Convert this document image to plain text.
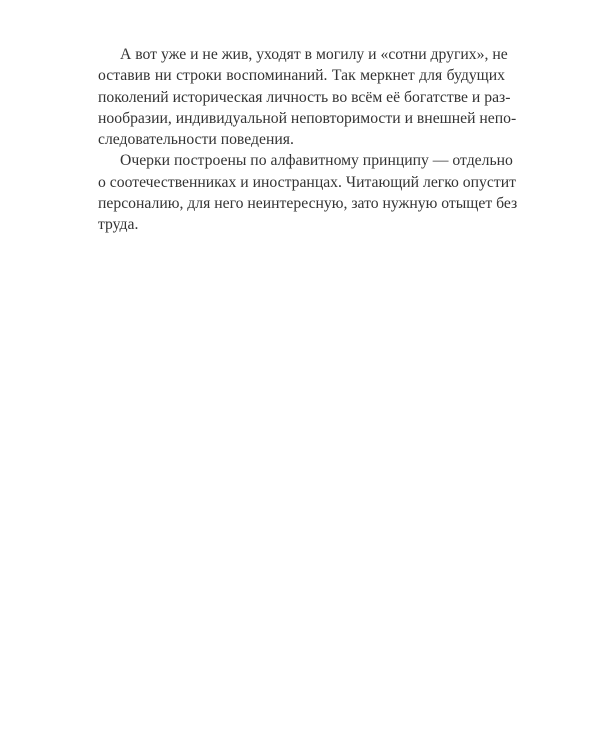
А вот уже и не жив, уходят в могилу и «сотни других», не
оставив ни строки воспоминаний. Так меркнет для будущих
поколений историческая личность во всём её богатстве и раз-
нообразии, индивидуальной неповторимости и внешней непо-
следовательности поведения.
Очерки построены по алфавитному принципу — отдельно
о соотечественниках и иностранцах. Читающий легко опустит
персоналию, для него неинтересную, зато нужную отыщет без
труда.
